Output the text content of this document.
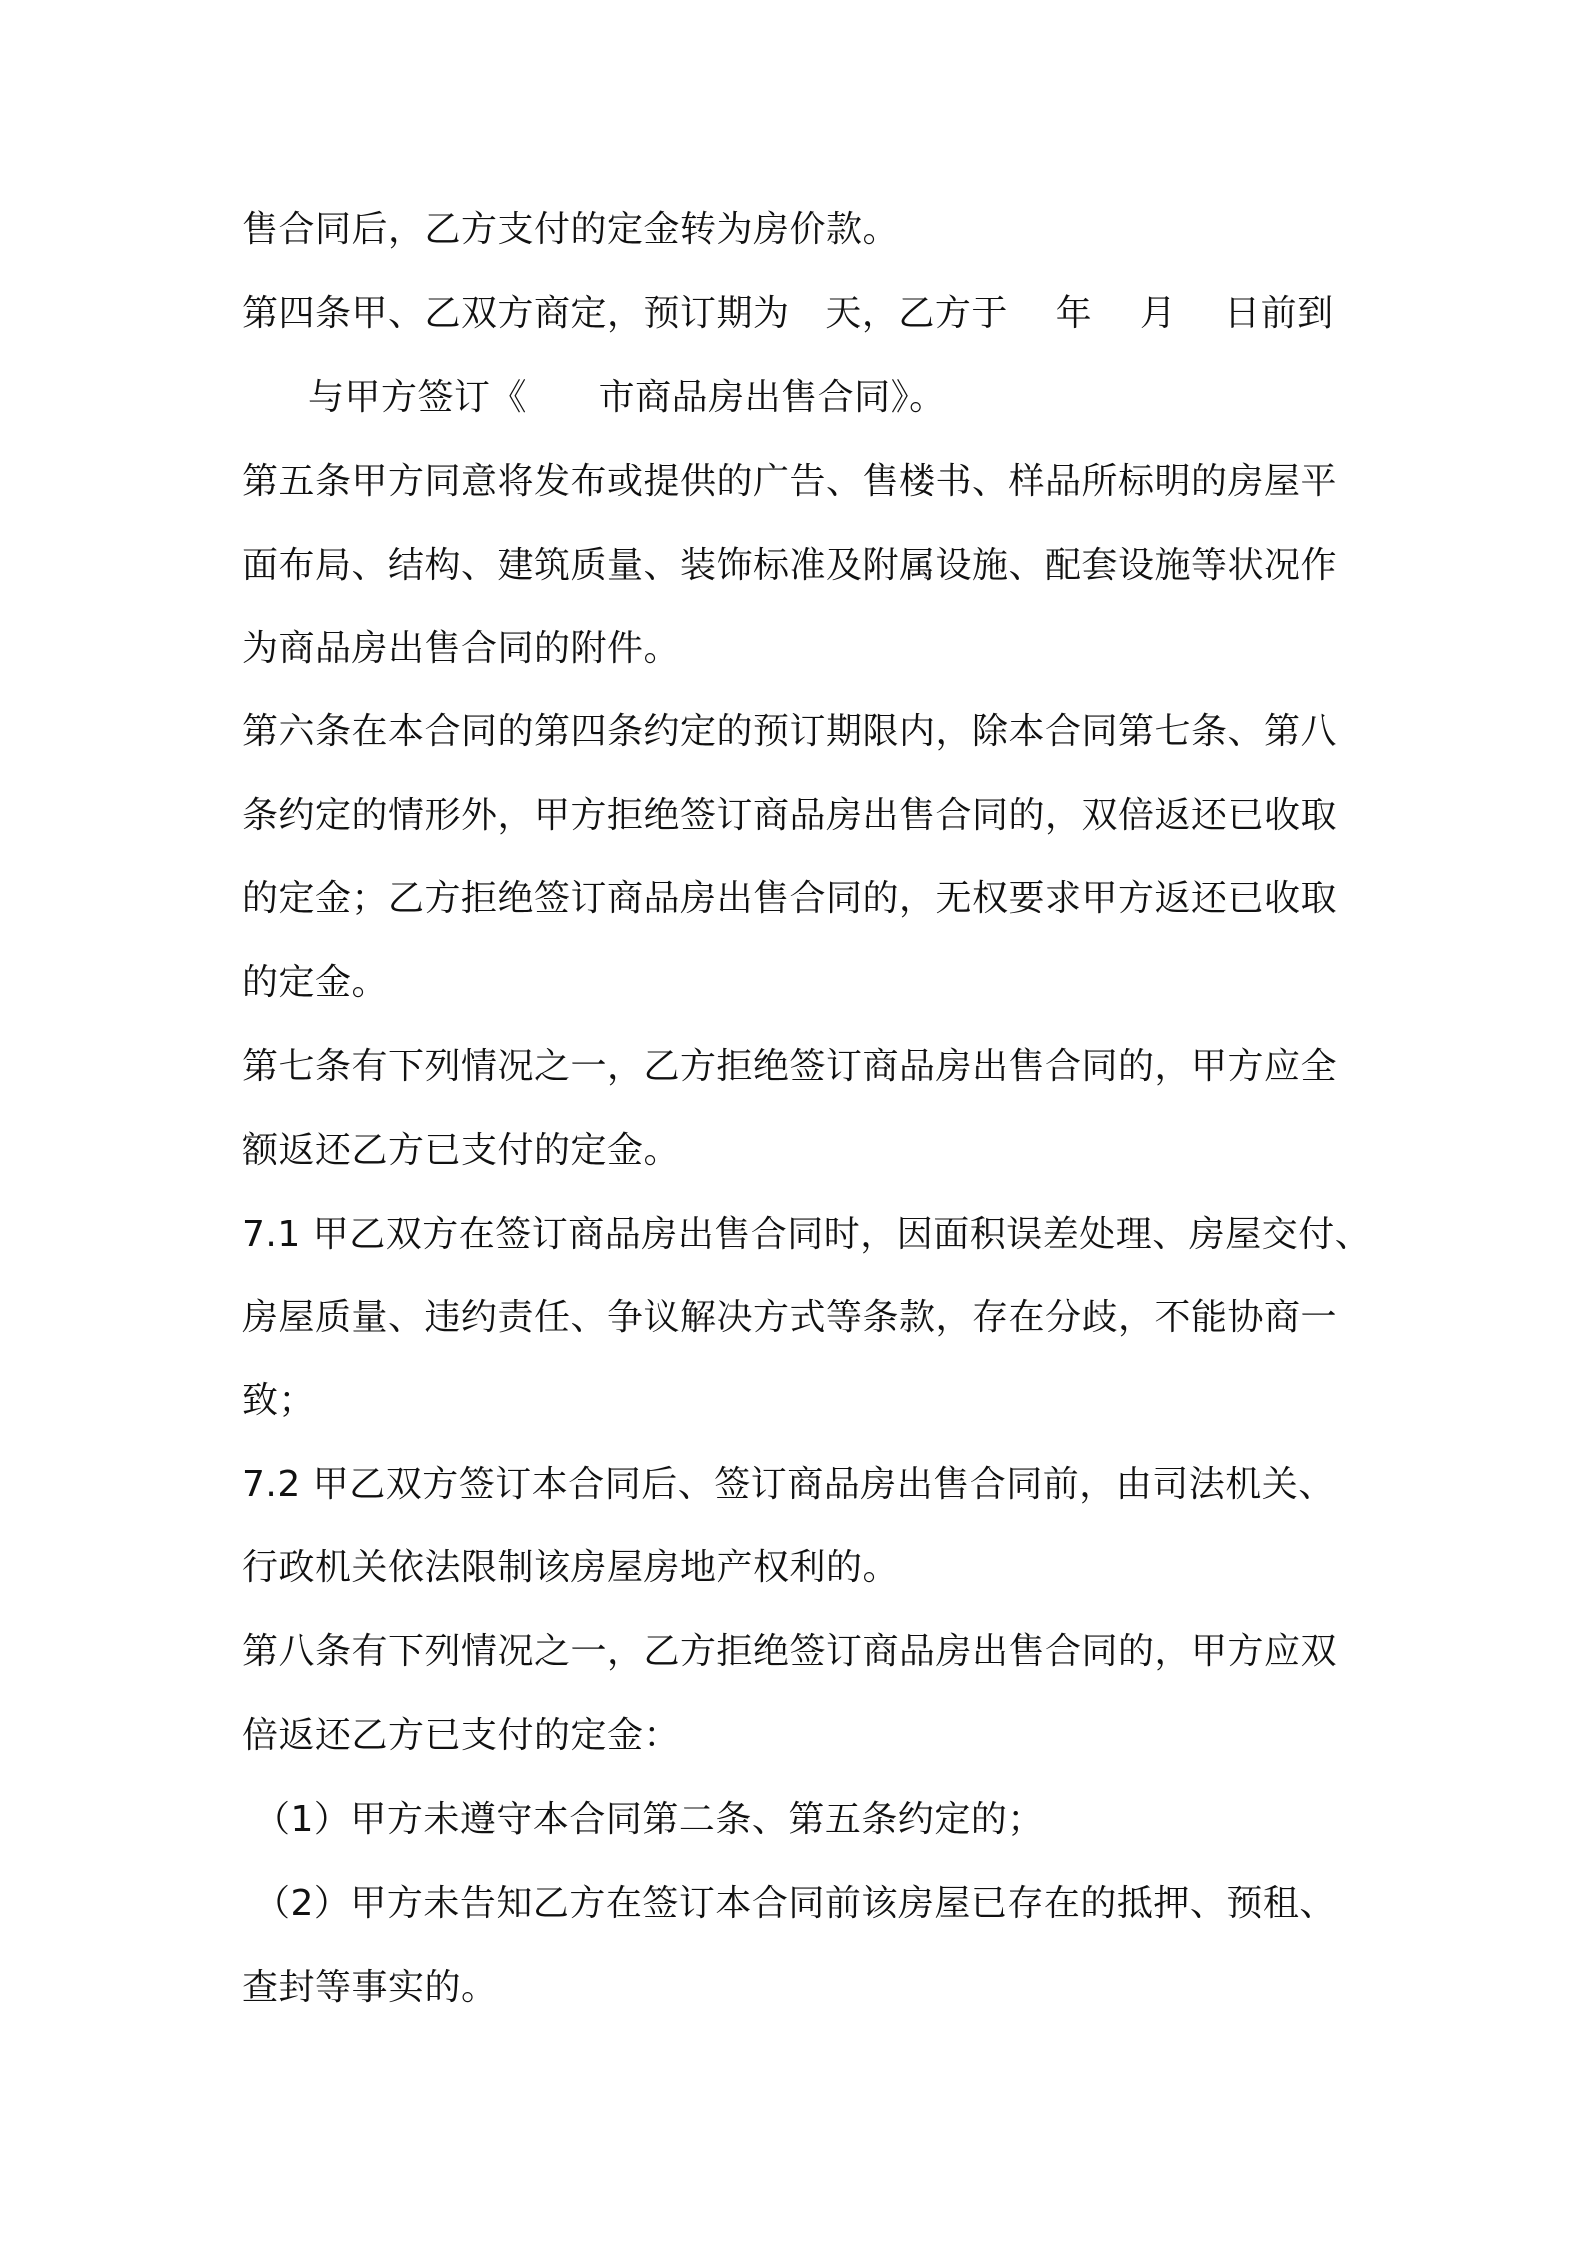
售合同后，乙方支付的定金转为房价款。
第四条甲、乙双方商定，预订期为   天，乙方于    年    月    日前到
与甲方签订《      市商品房出售合同》。
第五条甲方同意将发布或提供的广告、售楼书、样品所标明的房屋平
面布局、结构、建筑质量、装饰标准及附属设施、配套设施等状况作
为商品房出售合同的附件。
第六条在本合同的第四条约定的预订期限内，除本合同第七条、第八
条约定的情形外，甲方拒绝签订商品房出售合同的，双倍返还已收取
的定金；乙方拒绝签订商品房出售合同的，无权要求甲方返还已收取
的定金。
第七条有下列情况之一，乙方拒绝签订商品房出售合同的，甲方应全
额返还乙方已支付的定金。
7.1 甲乙双方在签订商品房出售合同时，因面积误差处理、房屋交付、
房屋质量、违约责任、争议解决方式等条款，存在分歧，不能协商一
致；
7.2 甲乙双方签订本合同后、签订商品房出售合同前，由司法机关、
行政机关依法限制该房屋房地产权利的。
第八条有下列情况之一，乙方拒绝签订商品房出售合同的，甲方应双
倍返还乙方已支付的定金：
（1）甲方未遵守本合同第二条、第五条约定的；
（2）甲方未告知乙方在签订本合同前该房屋已存在的抵押、预租、
查封等事实的。
